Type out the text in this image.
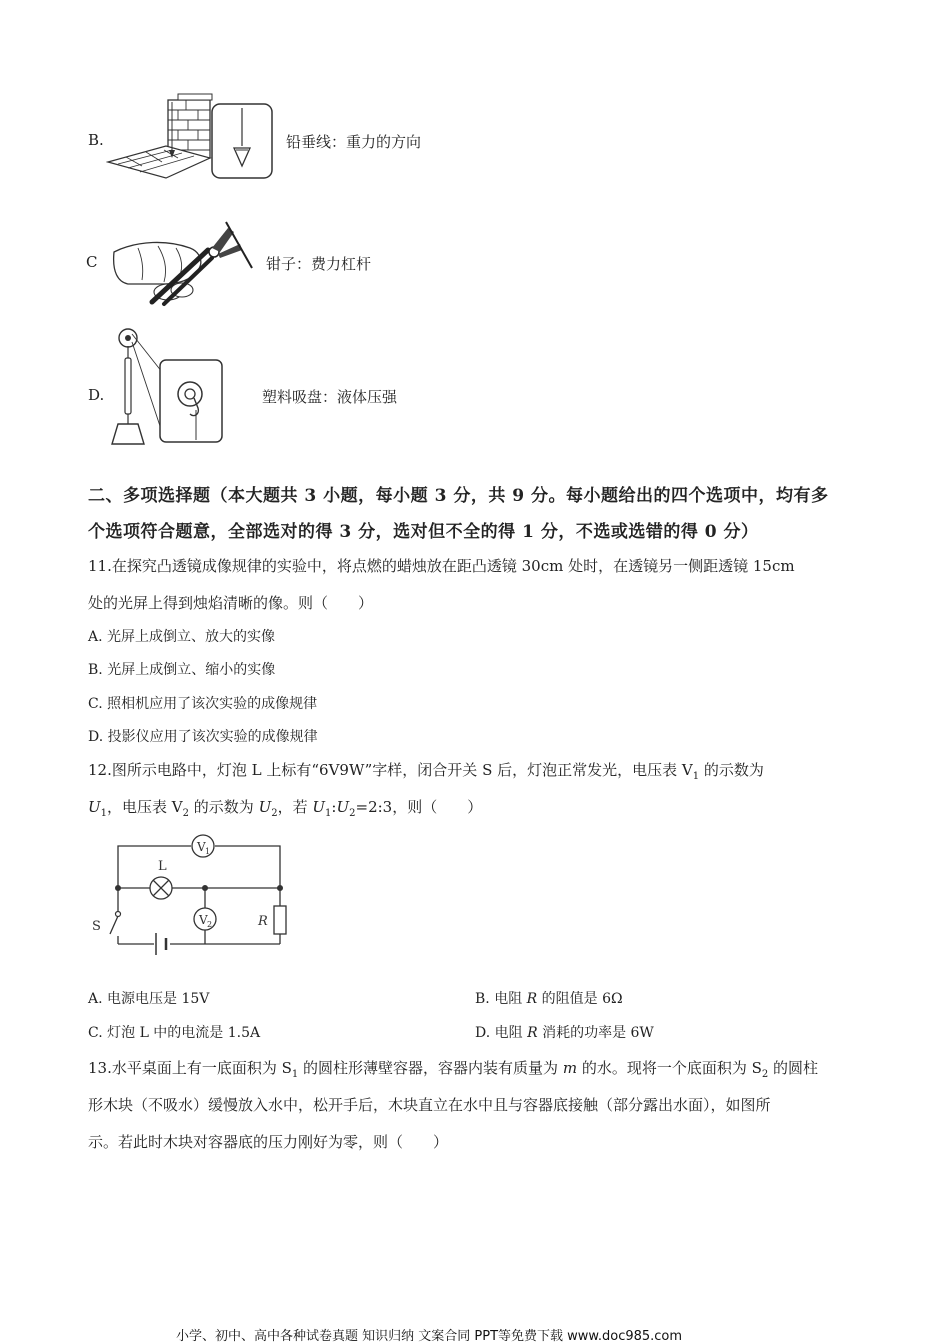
B.	铅垂线：重力的方向
C	钳子：费力杠杆
D.	塑料吸盘：液体压强
二、多项选择题（本大题共 3 小题，每小题 3 分，共 9 分。每小题给出的四个选项中，均有多
个选项符合题意，全部选对的得 3 分，选对但不全的得 1 分，不选或选错的得 0 分）
11.在探究凸透镜成像规律的实验中，将点燃的蜡烛放在距凸透镜 30cm 处时，在透镜另一侧距透镜 15cm
处的光屏上得到烛焰清晰的像。则（　　）
A. 光屏上成倒立、放大的实像
B. 光屏上成倒立、缩小的实像
C. 照相机应用了该次实验的成像规律
D. 投影仪应用了该次实验的成像规律
12.图所示电路中，灯泡 L 上标有“6V9W”字样，闭合开关 S 后，灯泡正常发光，电压表 $V_1$ 的示数为
$U_1$，电压表 $V_2$ 的示数为 $U_2$，若 $U_1:U_2=2:3$，则（　　）
V 1
L
V 2	R
S
A. 电源电压是 15V	B. 电阻 R 的阻值是 6Ω
C. 灯泡 L 中的电流是 1.5A	D. 电阻 R 消耗的功率是 6W
13.水平桌面上有一底面积为 $S_1$ 的圆柱形薄壁容器，容器内装有质量为 m 的水。现将一个底面积为 $S_2$ 的圆柱
形木块（不吸水）缓慢放入水中，松开手后，木块直立在水中且与容器底接触（部分露出水面），如图所
示。若此时木块对容器底的压力刚好为零，则（　　）
小学、初中、高中各种试卷真题 知识归纳 文案合同 PPT等免费下载 www.doc985.com
